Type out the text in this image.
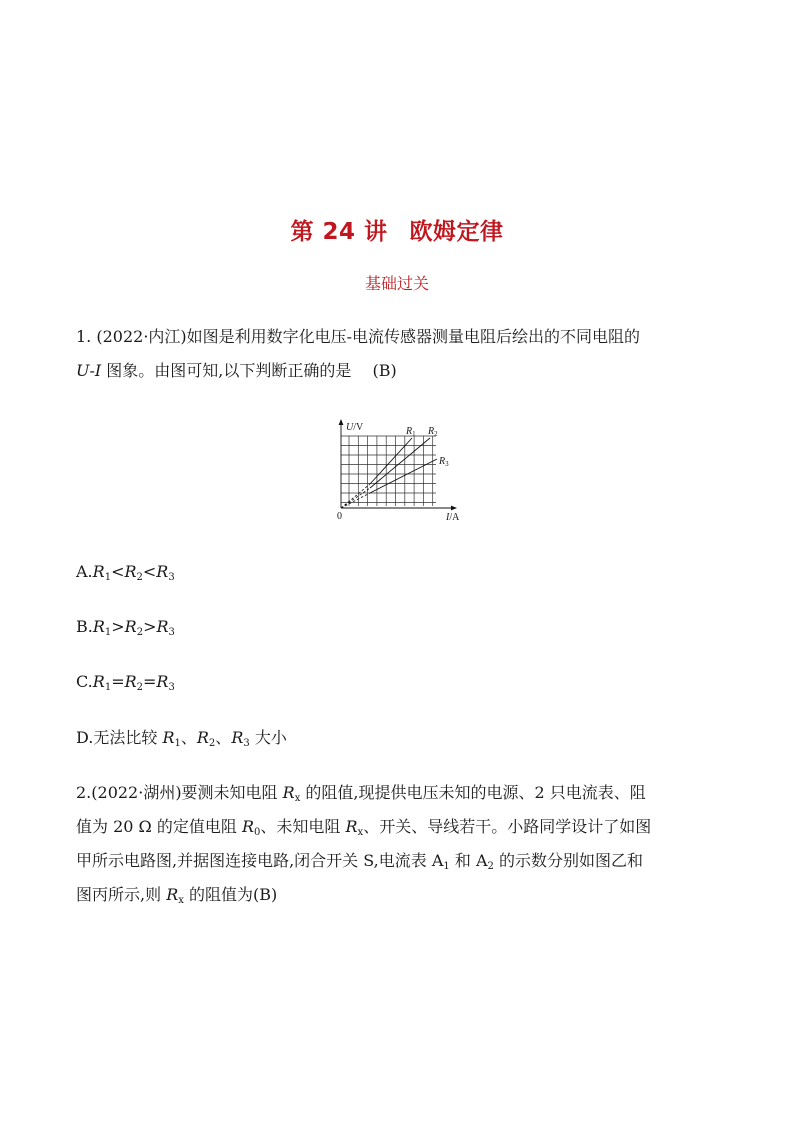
第 24 讲 欧姆定律
基础过关
1. (2022·内江)如图是利用数字化电压-电流传感器测量电阻后绘出的不同电阻的
U-I 图象。由图可知,以下判断正确的是 (B)
U/V
I/A
0
$R_1$ $R_2$
$R_3$
$A.R_1<R_2<R_3$
$B.R_1>R_2>R_3$
$C.R_1=R_2=R_3$
D.无法比较 $R_1$、$R_2$、$R_3$ 大小
2.(2022·湖州)要测未知电阻 $R_x$ 的阻值,现提供电压未知的电源、2 只电流表、阻
值为 20 Ω 的定值电阻 $R_0$、未知电阻 $R_x$、开关、导线若干。小路同学设计了如图
甲所示电路图,并据图连接电路,闭合开关 S,电流表 $A_1$ 和 $A_2$ 的示数分别如图乙和
图丙所示,则 $R_x$ 的阻值为(B)
